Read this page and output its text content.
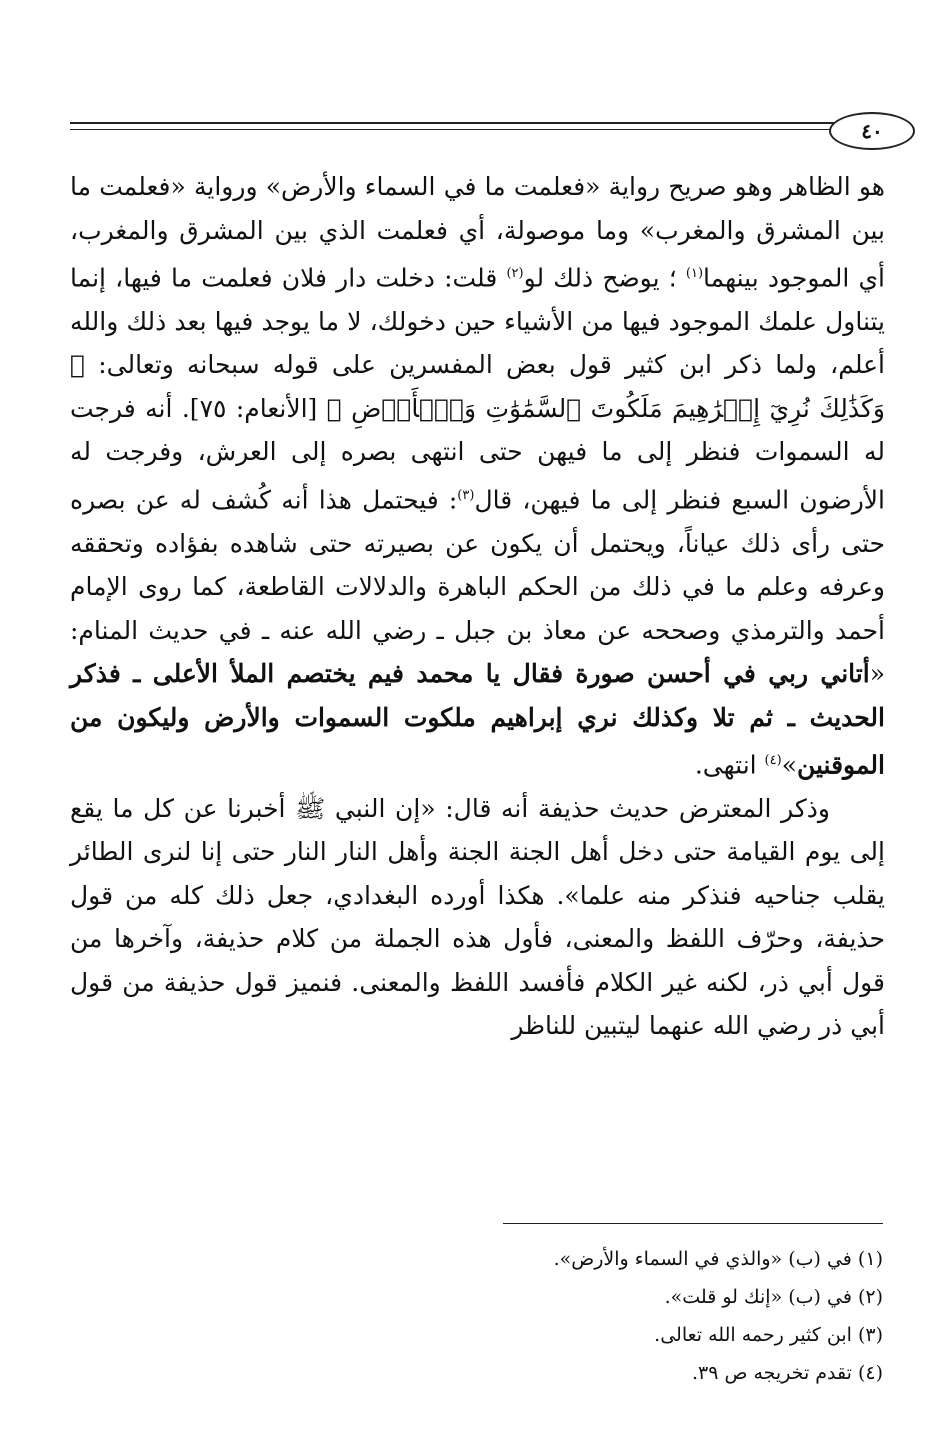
٤٠

هو الظاهر وهو صريح رواية «فعلمت ما في السماء والأرض» ورواية «فعلمت ما بين المشرق والمغرب» وما موصولة، أي فعلمت الذي بين المشرق والمغرب، أي الموجود بينهما$^{(١)}$ ؛ يوضح ذلك لو$^{(٢)}$ قلت: دخلت دار فلان فعلمت ما فيها، إنما يتناول علمك الموجود فيها من الأشياء حين دخولك، لا ما يوجد فيها بعد ذلك والله أعلم، ولما ذكر ابن كثير قول بعض المفسرين على قوله سبحانه وتعالى: ﴿ وَكَذَٰلِكَ نُرِيٓ إِبۡرَٰهِيمَ مَلَكُوتَ ٱلسَّمَٰوَٰتِ وَٱلۡأَرۡضِ ﴾ [الأنعام: ٧٥]. أنه فرجت له السموات فنظر إلى ما فيهن حتى انتهى بصره إلى العرش، وفرجت له الأرضون السبع فنظر إلى ما فيهن، قال$^{(٣)}$: فيحتمل هذا أنه كُشف له عن بصره حتى رأى ذلك عياناً، ويحتمل أن يكون عن بصيرته حتى شاهده بفؤاده وتحققه وعرفه وعلم ما في ذلك من الحكم الباهرة والدلالات القاطعة، كما روى الإمام أحمد والترمذي وصححه عن معاذ بن جبل ـ رضي الله عنه ـ في حديث المنام: «أتاني ربي في أحسن صورة فقال يا محمد فيم يختصم الملأ الأعلى ـ فذكر الحديث ـ ثم تلا وكذلك نري إبراهيم ملكوت السموات والأرض وليكون من الموقنين»$^{(٤)}$ انتهى.

وذكر المعترض حديث حذيفة أنه قال: «إن النبي ﷺ أخبرنا عن كل ما يقع إلى يوم القيامة حتى دخل أهل الجنة الجنة وأهل النار النار حتى إنا لنرى الطائر يقلب جناحيه فنذكر منه علما». هكذا أورده البغدادي، جعل ذلك كله من قول حذيفة، وحرّف اللفظ والمعنى، فأول هذه الجملة من كلام حذيفة، وآخرها من قول أبي ذر، لكنه غير الكلام فأفسد اللفظ والمعنى. فنميز قول حذيفة من قول أبي ذر رضي الله عنهما ليتبين للناظر

(١) في (ب) «والذي في السماء والأرض».
(٢) في (ب) «إنك لو قلت».
(٣) ابن كثير رحمه الله تعالى.
(٤) تقدم تخريجه ص ٣٩.
